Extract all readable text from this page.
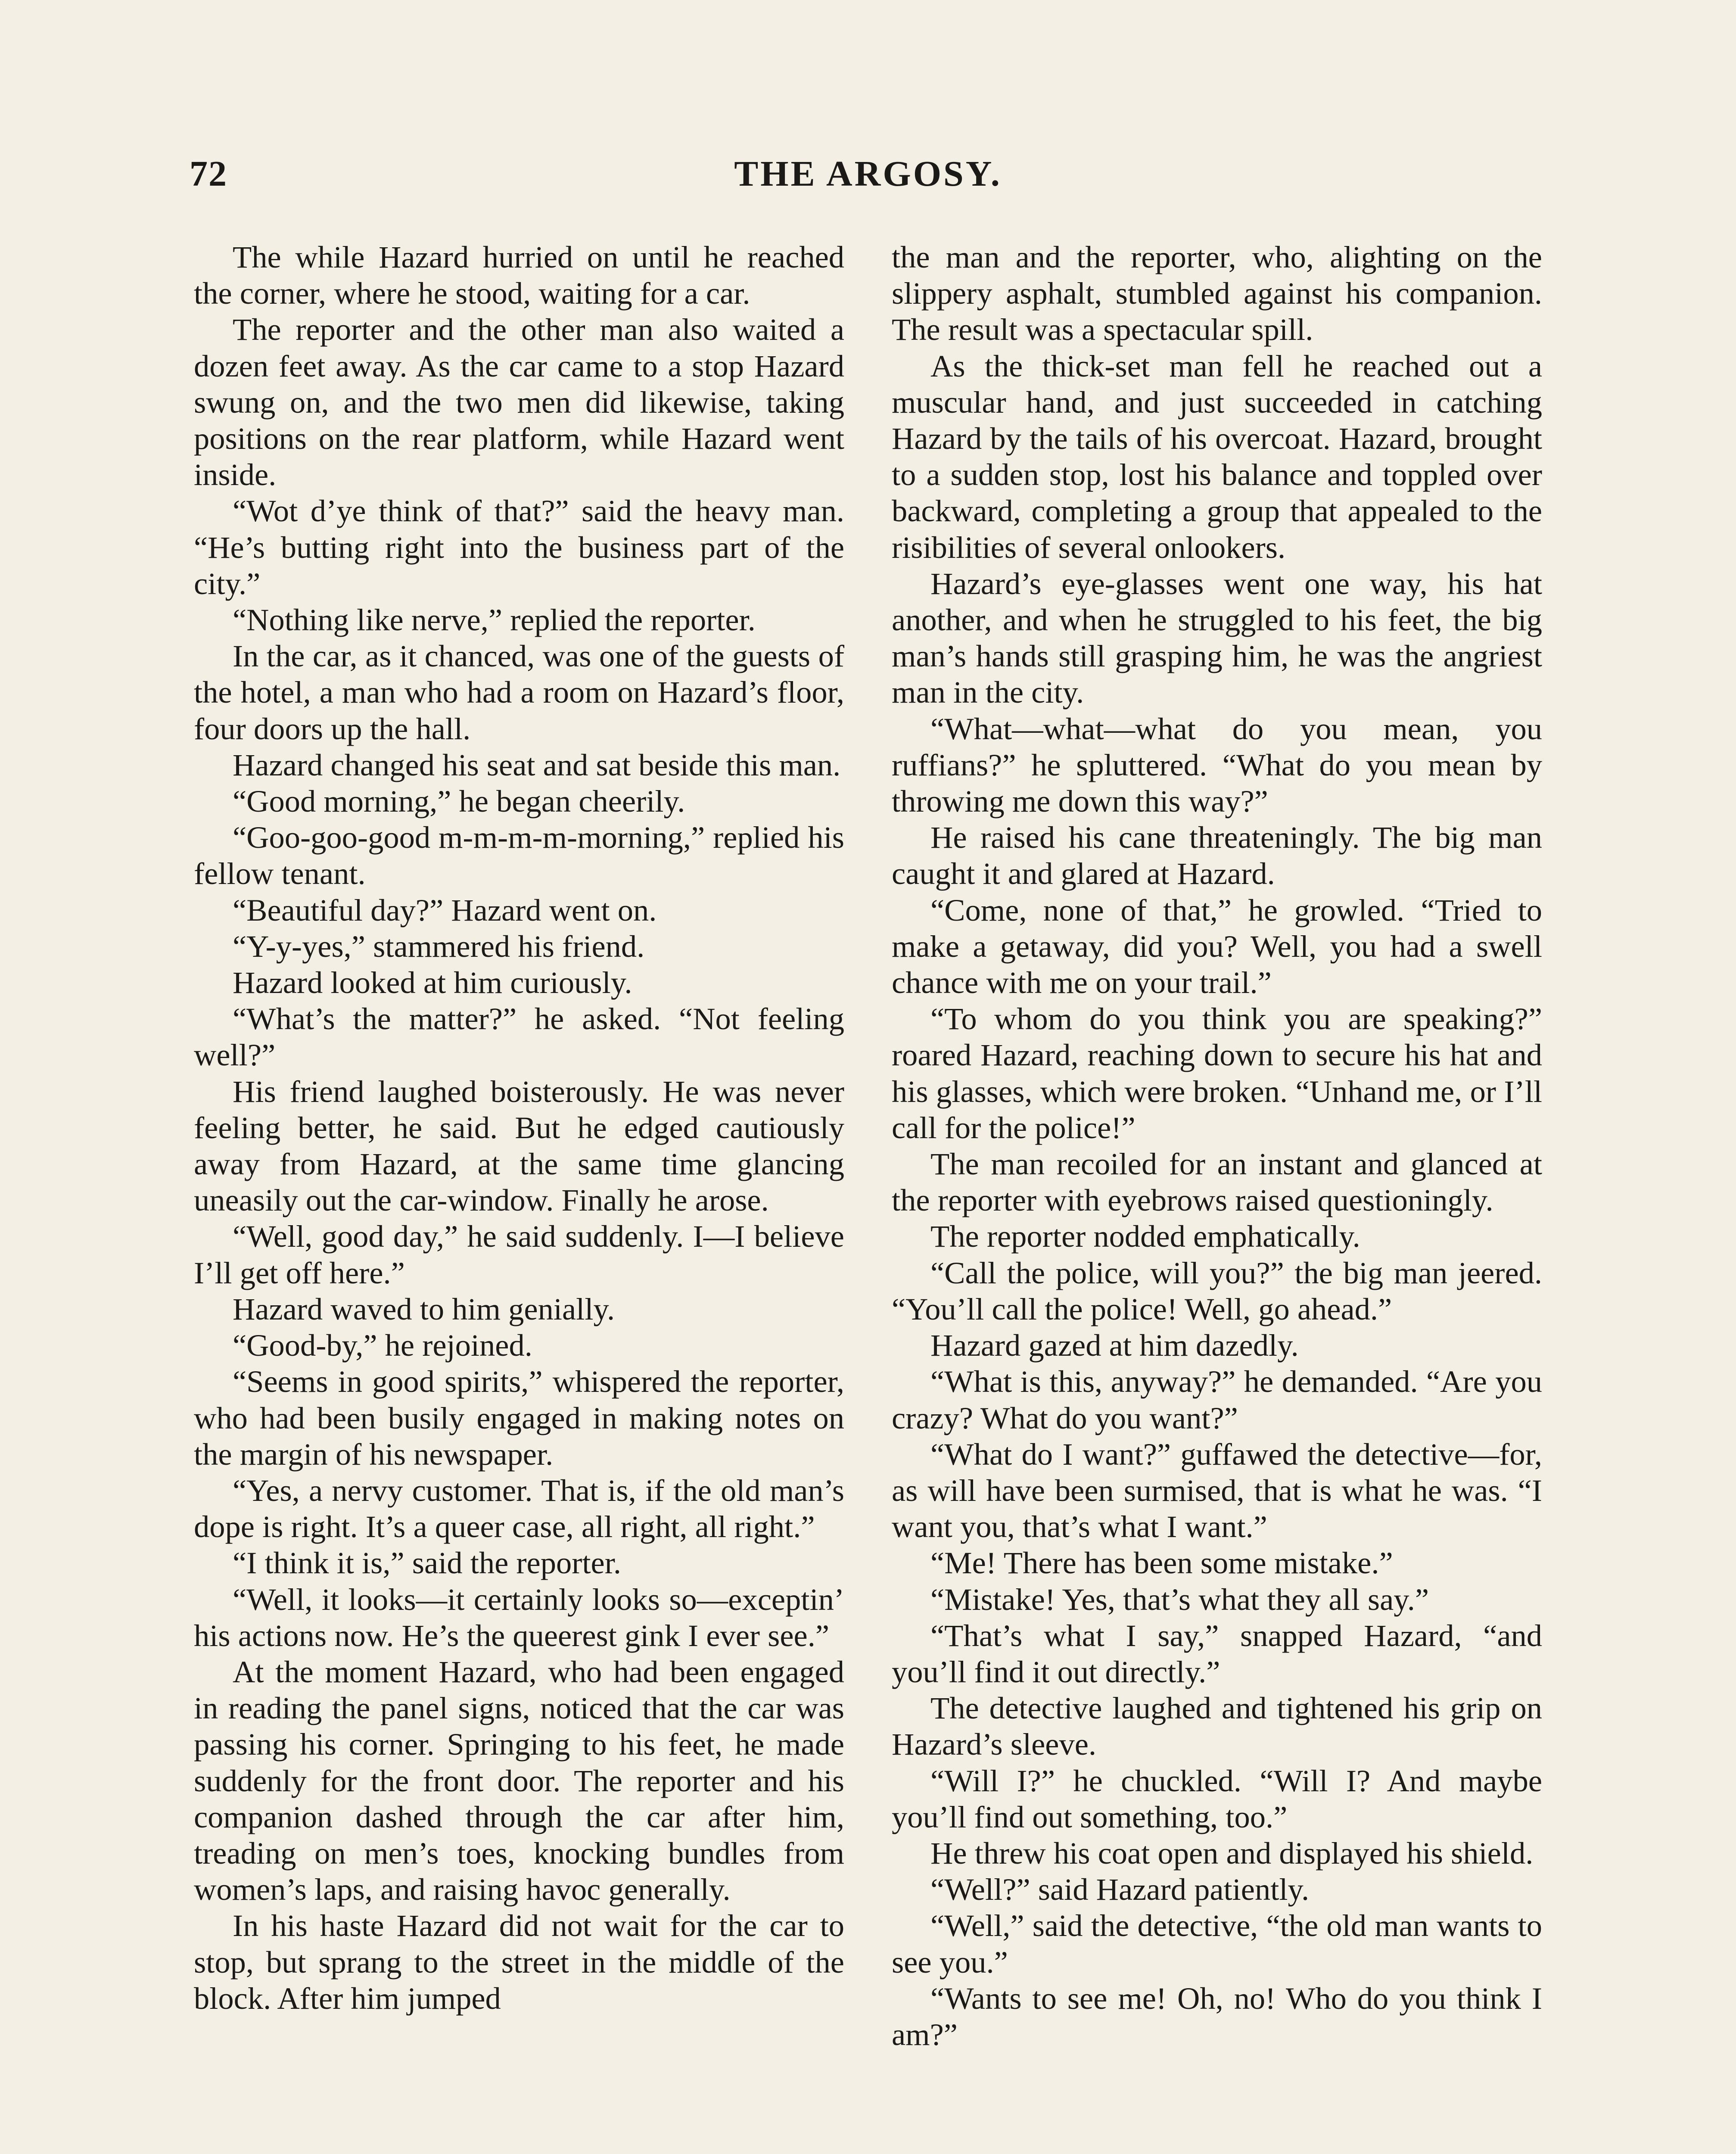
72	THE ARGOSY.

The while Hazard hurried on until he reached the corner, where he stood, waiting for a car.

The reporter and the other man also waited a dozen feet away. As the car came to a stop Hazard swung on, and the two men did likewise, taking positions on the rear platform, while Hazard went inside.

“Wot d’ye think of that?” said the heavy man. “He’s butting right into the business part of the city.”

“Nothing like nerve,” replied the reporter.

In the car, as it chanced, was one of the guests of the hotel, a man who had a room on Hazard’s floor, four doors up the hall.

Hazard changed his seat and sat beside this man.

“Good morning,” he began cheerily.

“Goo-goo-good m-m-m-m-morning,” replied his fellow tenant.

“Beautiful day?” Hazard went on.

“Y-y-yes,” stammered his friend.

Hazard looked at him curiously.

“What’s the matter?” he asked. “Not feeling well?”

His friend laughed boisterously. He was never feeling better, he said. But he edged cautiously away from Hazard, at the same time glancing uneasily out the car-window. Finally he arose.

“Well, good day,” he said suddenly. I—I believe I’ll get off here.”

Hazard waved to him genially.

“Good-by,” he rejoined.

“Seems in good spirits,” whispered the reporter, who had been busily engaged in making notes on the margin of his newspaper.

“Yes, a nervy customer. That is, if the old man’s dope is right. It’s a queer case, all right, all right.”

“I think it is,” said the reporter.

“Well, it looks—it certainly looks so—exceptin’ his actions now. He’s the queerest gink I ever see.”

At the moment Hazard, who had been engaged in reading the panel signs, noticed that the car was passing his corner. Springing to his feet, he made suddenly for the front door. The reporter and his companion dashed through the car after him, treading on men’s toes, knocking bundles from women’s laps, and raising havoc generally.

In his haste Hazard did not wait for the car to stop, but sprang to the street in the middle of the block. After him jumped

the man and the reporter, who, alighting on the slippery asphalt, stumbled against his companion. The result was a spectacular spill.

As the thick-set man fell he reached out a muscular hand, and just succeeded in catching Hazard by the tails of his overcoat. Hazard, brought to a sudden stop, lost his balance and toppled over backward, completing a group that appealed to the risibilities of several onlookers.

Hazard’s eye-glasses went one way, his hat another, and when he struggled to his feet, the big man’s hands still grasping him, he was the angriest man in the city.

“What—what—what do you mean, you ruffians?” he spluttered. “What do you mean by throwing me down this way?”

He raised his cane threateningly. The big man caught it and glared at Hazard.

“Come, none of that,” he growled. “Tried to make a getaway, did you? Well, you had a swell chance with me on your trail.”

“To whom do you think you are speaking?” roared Hazard, reaching down to secure his hat and his glasses, which were broken. “Unhand me, or I’ll call for the police!”

The man recoiled for an instant and glanced at the reporter with eyebrows raised questioningly.

The reporter nodded emphatically.

“Call the police, will you?” the big man jeered. “You’ll call the police! Well, go ahead.”

Hazard gazed at him dazedly.

“What is this, anyway?” he demanded. “Are you crazy? What do you want?”

“What do I want?” guffawed the detective—for, as will have been surmised, that is what he was. “I want you, that’s what I want.”

“Me! There has been some mistake.”

“Mistake! Yes, that’s what they all say.”

“That’s what I say,” snapped Hazard, “and you’ll find it out directly.”

The detective laughed and tightened his grip on Hazard’s sleeve.

“Will I?” he chuckled. “Will I? And maybe you’ll find out something, too.”

He threw his coat open and displayed his shield.

“Well?” said Hazard patiently.

“Well,” said the detective, “the old man wants to see you.”

“Wants to see me! Oh, no! Who do you think I am?”
